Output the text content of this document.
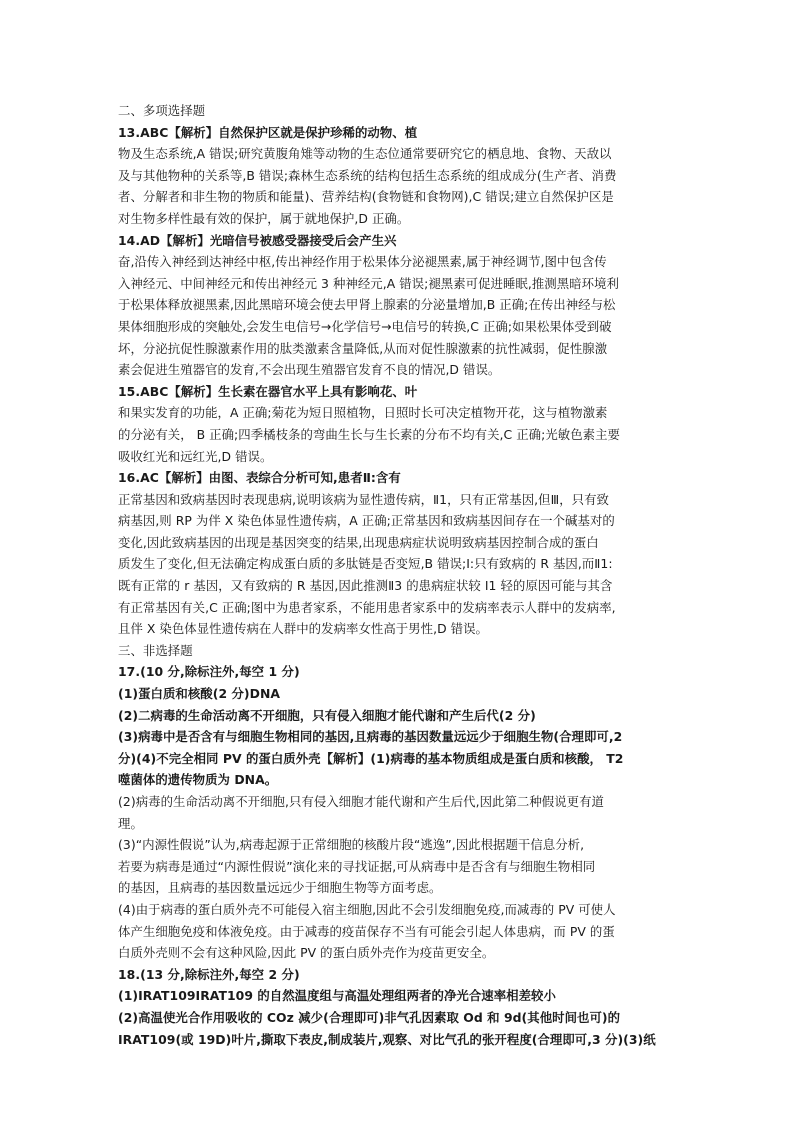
二、多项选择题
13.ABC【解析】自然保护区就是保护珍稀的动物、植
物及生态系统,A 错误;研究黄腹角雉等动物的生态位通常要研究它的栖息地、食物、天敌以
及与其他物种的关系等,B 错误;森林生态系统的结构包括生态系统的组成成分(生产者、消费
者、分解者和非生物的物质和能量)、营养结构(食物链和食物网),C 错误;建立自然保护区是
对生物多样性最有效的保护，属于就地保护,D 正确。
14.AD【解析】光暗信号被感受器接受后会产生兴
奋,沿传入神经到达神经中枢,传出神经作用于松果体分泌褪黑素,属于神经调节,图中包含传
入神经元、中间神经元和传出神经元 3 种神经元,A 错误;褪黑素可促进睡眠,推测黑暗环境利
于松果体释放褪黑素,因此黑暗环境会使去甲肾上腺素的分泌量增加,B 正确;在传出神经与松
果体细胞形成的突触处,会发生电信号→化学信号→电信号的转换,C 正确;如果松果体受到破
坏，分泌抗促性腺激素作用的肽类激素含量降低,从而对促性腺激素的抗性减弱，促性腺激
素会促进生殖器官的发育,不会出现生殖器官发育不良的情况,D 错误。
15.ABC【解析】生长素在器官水平上具有影响花、叶
和果实发育的功能，A 正确;菊花为短日照植物，日照时长可决定植物开花，这与植物激素
的分泌有关， B 正确;四季橘枝条的弯曲生长与生长素的分布不均有关,C 正确;光敏色素主要
吸收红光和远红光,D 错误。
16.AC【解析】由图、表综合分析可知,患者Ⅱ:含有
正常基因和致病基因时表现患病,说明该病为显性遗传病，Ⅱ1，只有正常基因,但Ⅲ，只有致
病基因,则 RP 为伴 X 染色体显性遗传病，A 正确;正常基因和致病基因间存在一个碱基对的
变化,因此致病基因的出现是基因突变的结果,出现患病症状说明致病基因控制合成的蛋白
质发生了变化,但无法确定构成蛋白质的多肽链是否变短,B 错误;I:只有致病的 R 基因,而Ⅱ1:
既有正常的 r 基因，又有致病的 R 基因,因此推测Ⅱ3 的患病症状较 I1 轻的原因可能与其含
有正常基因有关,C 正确;图中为患者家系，不能用患者家系中的发病率表示人群中的发病率,
且伴 X 染色体显性遗传病在人群中的发病率女性高于男性,D 错误。
三、非选择题
17.(10 分,除标注外,每空 1 分)
(1)蛋白质和核酸(2 分)DNA
(2)二病毒的生命活动离不开细胞，只有侵入细胞才能代谢和产生后代(2 分)
(3)病毒中是否含有与细胞生物相同的基因,且病毒的基因数量远远少于细胞生物(合理即可,2
分)(4)不完全相同 PV 的蛋白质外壳【解析】(1)病毒的基本物质组成是蛋白质和核酸， T2
噬菌体的遗传物质为 DNA。
(2)病毒的生命活动离不开细胞,只有侵入细胞才能代谢和产生后代,因此第二种假说更有道
理。
(3)“内源性假说”认为,病毒起源于正常细胞的核酸片段“逃逸”,因此根据题干信息分析,
若要为病毒是通过“内源性假说”演化来的寻找证据,可从病毒中是否含有与细胞生物相同
的基因，且病毒的基因数量远远少于细胞生物等方面考虑。
(4)由于病毒的蛋白质外壳不可能侵入宿主细胞,因此不会引发细胞免疫,而减毒的 PV 可使人
体产生细胞免疫和体液免疫。由于减毒的疫苗保存不当有可能会引起人体患病，而 PV 的蛋
白质外壳则不会有这种风险,因此 PV 的蛋白质外壳作为疫苗更安全。
18.(13 分,除标注外,每空 2 分)
(1)IRAT109IRAT109 的自然温度组与高温处理组两者的净光合速率相差较小
(2)高温使光合作用吸收的 COz 减少(合理即可)非气孔因素取 Od 和 9d(其他时间也可)的
IRAT109(或 19D)叶片,撕取下表皮,制成装片,观察、对比气孔的张开程度(合理即可,3 分)(3)纸
